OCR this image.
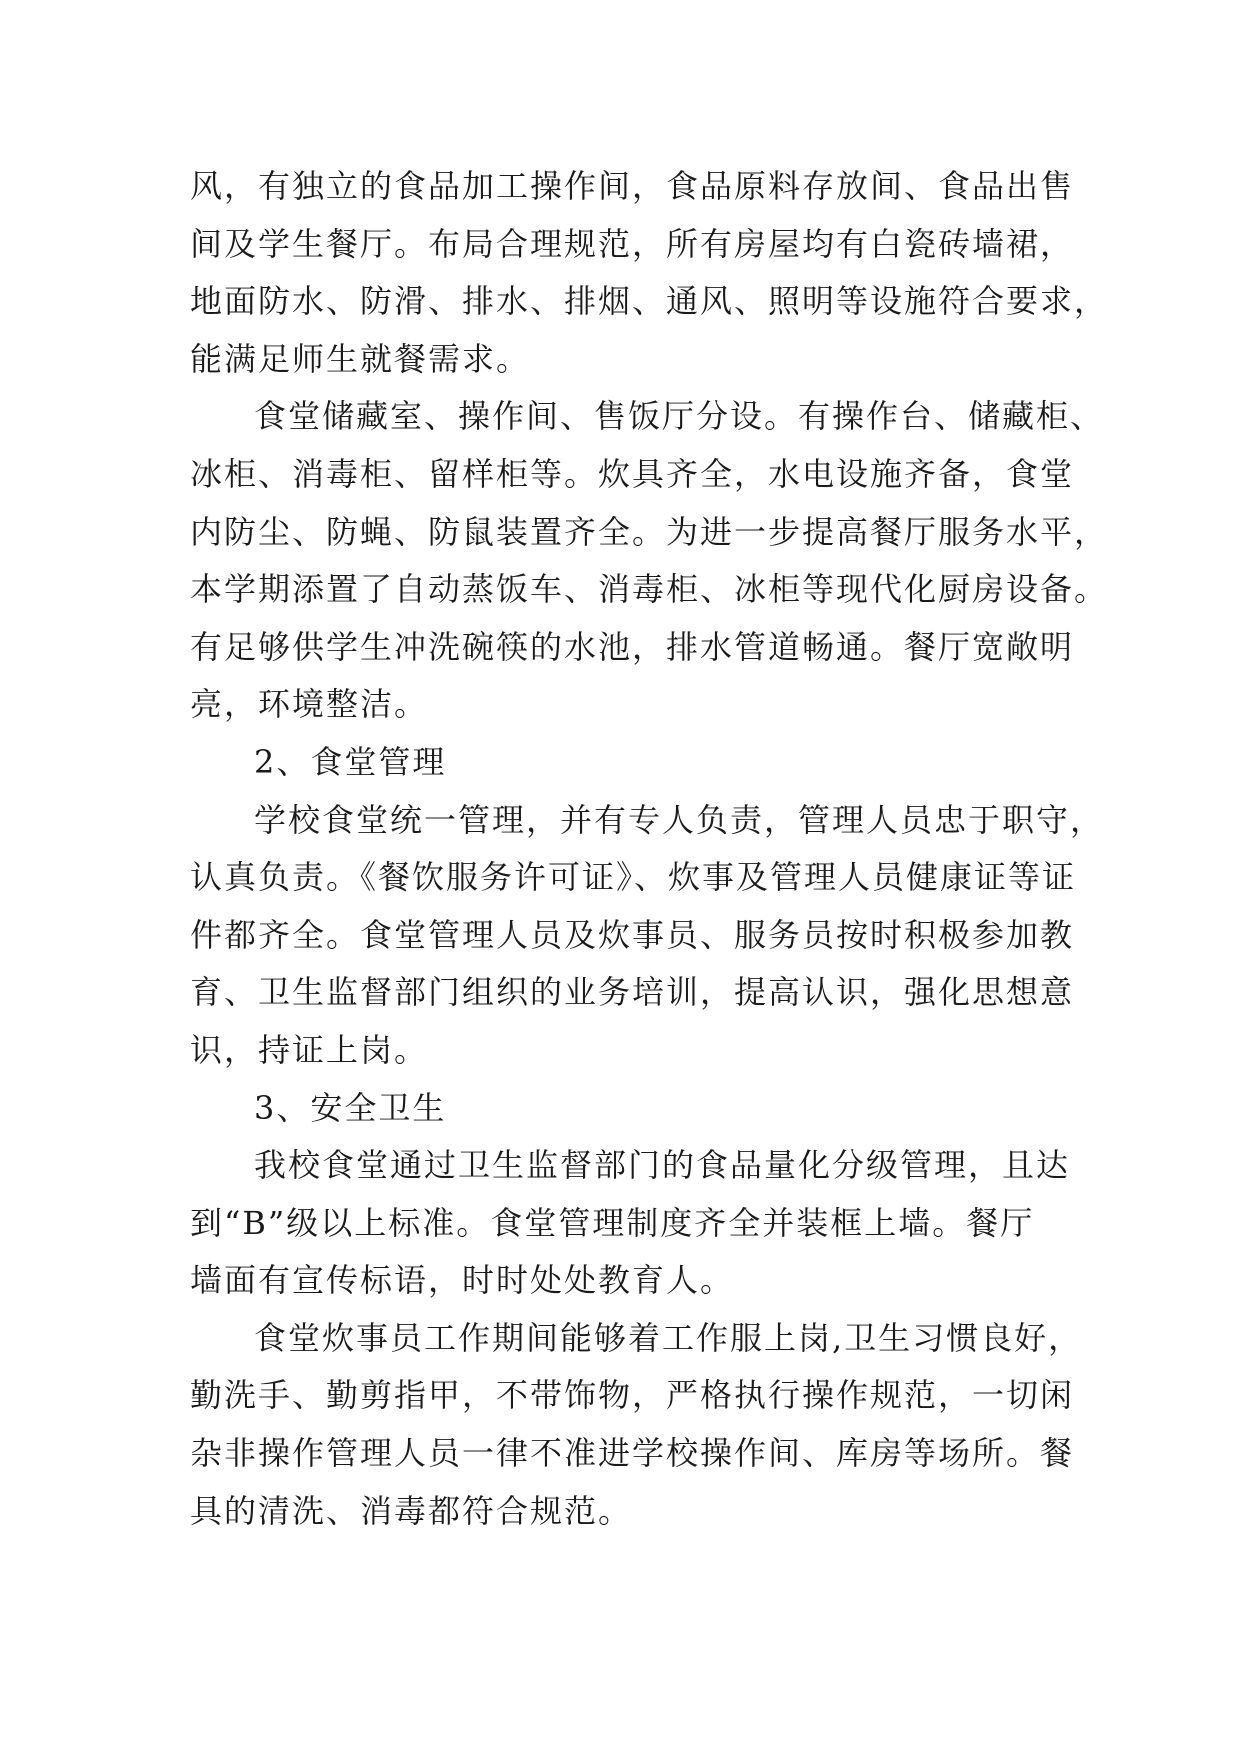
风，有独立的食品加工操作间，食品原料存放间、食品出售
间及学生餐厅。布局合理规范，所有房屋均有白瓷砖墙裙，
地面防水、防滑、排水、排烟、通风、照明等设施符合要求，
能满足师生就餐需求。
食堂储藏室、操作间、售饭厅分设。有操作台、储藏柜、
冰柜、消毒柜、留样柜等。炊具齐全，水电设施齐备，食堂
内防尘、防蝇、防鼠装置齐全。为进一步提高餐厅服务水平，
本学期添置了自动蒸饭车、消毒柜、冰柜等现代化厨房设备。
有足够供学生冲洗碗筷的水池，排水管道畅通。餐厅宽敞明
亮，环境整洁。
2、食堂管理
学校食堂统一管理，并有专人负责，管理人员忠于职守，
认真负责。《餐饮服务许可证》、炊事及管理人员健康证等证
件都齐全。食堂管理人员及炊事员、服务员按时积极参加教
育、卫生监督部门组织的业务培训，提高认识，强化思想意
识，持证上岗。
3、安全卫生
我校食堂通过卫生监督部门的食品量化分级管理，且达
到“B”级以上标准。食堂管理制度齐全并装框上墙。餐厅
墙面有宣传标语，时时处处教育人。
食堂炊事员工作期间能够着工作服上岗,卫生习惯良好，
勤洗手、勤剪指甲，不带饰物，严格执行操作规范，一切闲
杂非操作管理人员一律不准进学校操作间、库房等场所。餐
具的清洗、消毒都符合规范。
